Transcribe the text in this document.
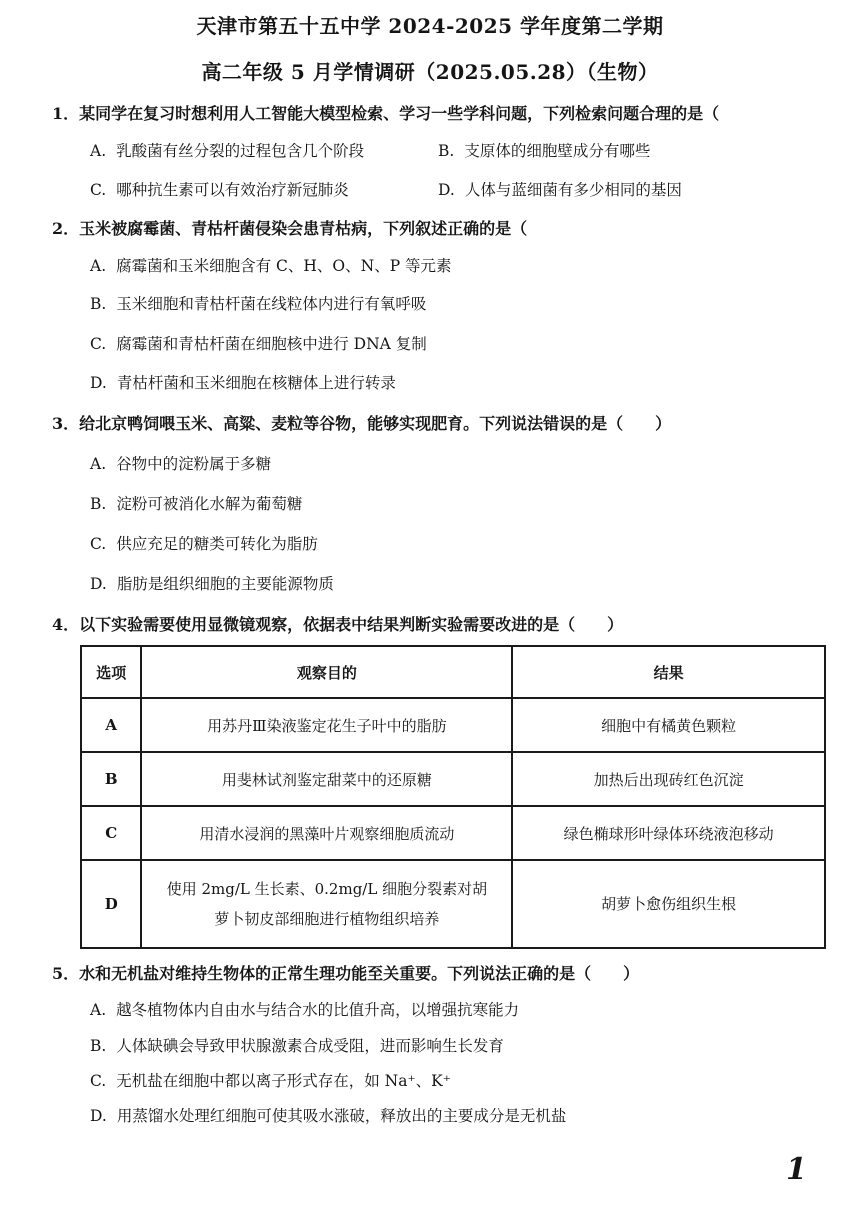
天津市第五十五中学 2024-2025 学年度第二学期
高二年级 5 月学情调研（2025.05.28）（生物）
1．某同学在复习时想利用人工智能大模型检索、学习一些学科问题，下列检索问题合理的是（
A. 乳酸菌有丝分裂的过程包含几个阶段	B. 支原体的细胞壁成分有哪些
C. 哪种抗生素可以有效治疗新冠肺炎	D. 人体与蓝细菌有多少相同的基因
2．玉米被腐霉菌、青枯杆菌侵染会患青枯病，下列叙述正确的是（
A. 腐霉菌和玉米细胞含有 C、H、O、N、P 等元素
B. 玉米细胞和青枯杆菌在线粒体内进行有氧呼吸
C. 腐霉菌和青枯杆菌在细胞核中进行 DNA 复制
D. 青枯杆菌和玉米细胞在核糖体上进行转录
3．给北京鸭饲喂玉米、高粱、麦粒等谷物，能够实现肥育。下列说法错误的是（　　）
A. 谷物中的淀粉属于多糖
B. 淀粉可被消化水解为葡萄糖
C. 供应充足的糖类可转化为脂肪
D. 脂肪是组织细胞的主要能源物质
4．以下实验需要使用显微镜观察，依据表中结果判断实验需要改进的是（　　）
选项	观察目的	结果
A	用苏丹Ⅲ染液鉴定花生子叶中的脂肪	细胞中有橘黄色颗粒
B	用斐林试剂鉴定甜菜中的还原糖	加热后出现砖红色沉淀
C	用清水浸润的黑藻叶片观察细胞质流动	绿色椭球形叶绿体环绕液泡移动
D	使用 2mg/L 生长素、0.2mg/L 细胞分裂素对胡
萝卜韧皮部细胞进行植物组织培养	胡萝卜愈伤组织生根
5．水和无机盐对维持生物体的正常生理功能至关重要。下列说法正确的是（　　）
A. 越冬植物体内自由水与结合水的比值升高，以增强抗寒能力
B. 人体缺碘会导致甲状腺激素合成受阻，进而影响生长发育
C. 无机盐在细胞中都以离子形式存在，如 Na⁺、K⁺
D. 用蒸馏水处理红细胞可使其吸水涨破，释放出的主要成分是无机盐
1
